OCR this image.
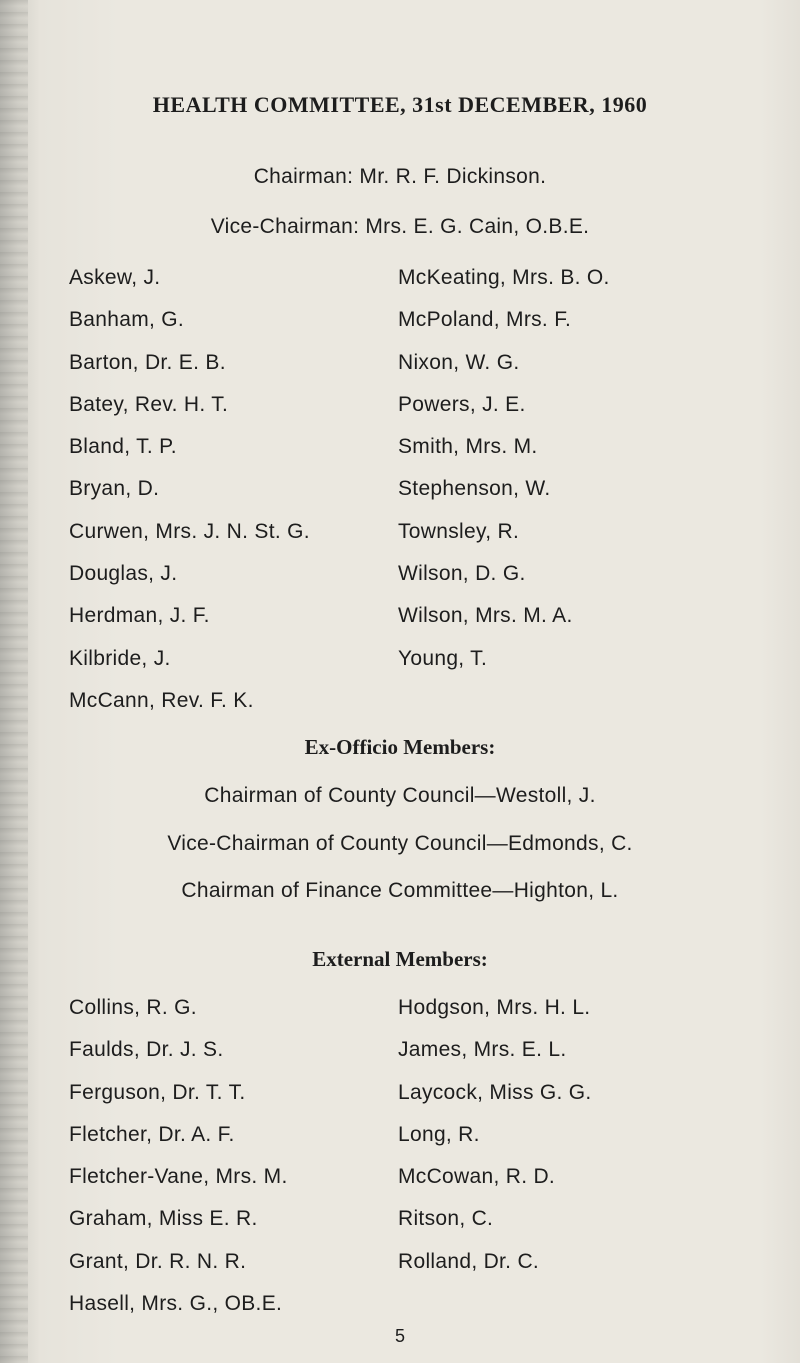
HEALTH COMMITTEE, 31st DECEMBER, 1960
Chairman: Mr. R. F. Dickinson.
Vice-Chairman: Mrs. E. G. Cain, O.B.E.
Askew, J.
Banham, G.
Barton, Dr. E. B.
Batey, Rev. H. T.
Bland, T. P.
Bryan, D.
Curwen, Mrs. J. N. St. G.
Douglas, J.
Herdman, J. F.
Kilbride, J.
McCann, Rev. F. K.
McKeating, Mrs. B. O.
McPoland, Mrs. F.
Nixon, W. G.
Powers, J. E.
Smith, Mrs. M.
Stephenson, W.
Townsley, R.
Wilson, D. G.
Wilson, Mrs. M. A.
Young, T.
Ex-Officio Members:
Chairman of County Council—Westoll, J.
Vice-Chairman of County Council—Edmonds, C.
Chairman of Finance Committee—Highton, L.
External Members:
Collins, R. G.
Faulds, Dr. J. S.
Ferguson, Dr. T. T.
Fletcher, Dr. A. F.
Fletcher-Vane, Mrs. M.
Graham, Miss E. R.
Grant, Dr. R. N. R.
Hasell, Mrs. G., OB.E.
Hodgson, Mrs. H. L.
James, Mrs. E. L.
Laycock, Miss G. G.
Long, R.
McCowan, R. D.
Ritson, C.
Rolland, Dr. C.
5
